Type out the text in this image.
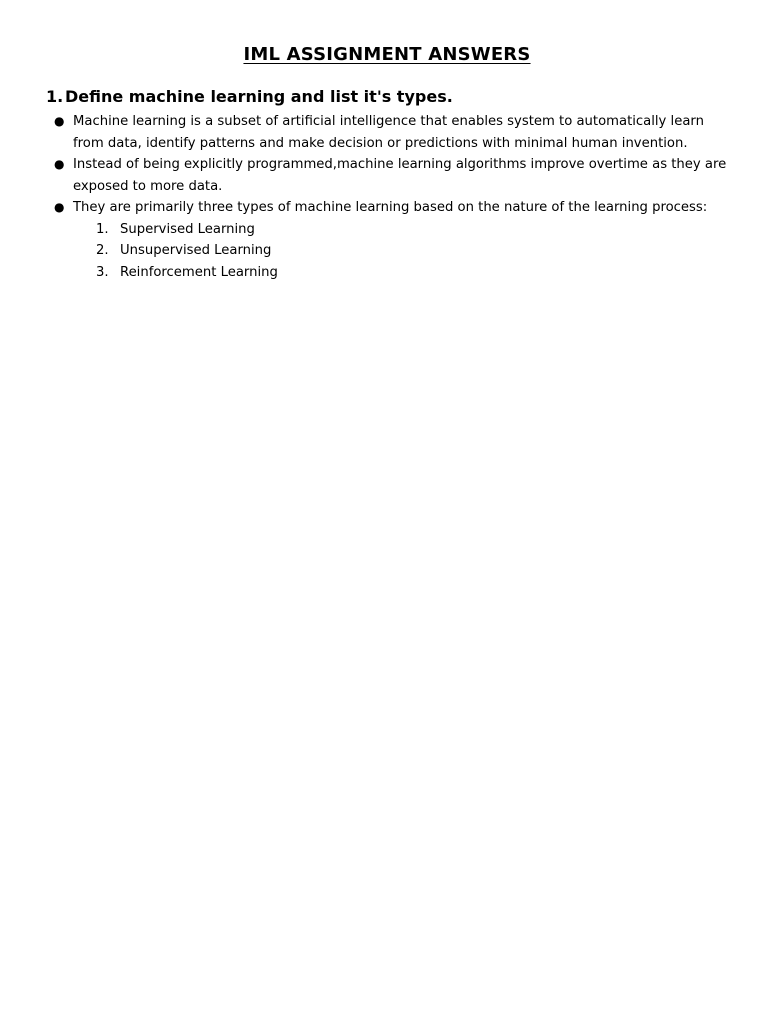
IML ASSIGNMENT ANSWERS
1. Define machine learning and list it's types.
● Machine learning is a subset of artificial intelligence that enables system to automatically learn from data, identify patterns and make decision or predictions with minimal human invention.
● Instead of being explicitly programmed,machine learning algorithms improve overtime as they are exposed to more data.
● They are primarily three types of machine learning based on the nature of the learning process:
1. Supervised Learning
2. Unsupervised Learning
3. Reinforcement Learning
